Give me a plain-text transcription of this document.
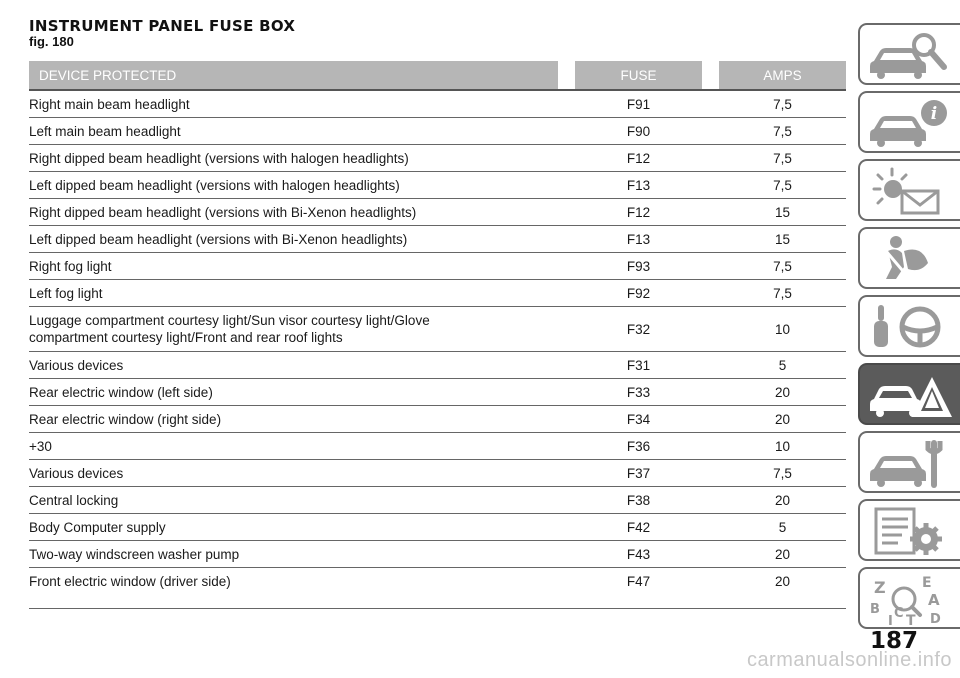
INSTRUMENT PANEL FUSE BOX
fig. 180
DEVICE PROTECTED		FUSE		AMPS
Right main beam headlight		F91		7,5
Left main beam headlight		F90		7,5
Right dipped beam headlight (versions with halogen headlights)		F12		7,5
Left dipped beam headlight (versions with halogen headlights)		F13		7,5
Right dipped beam headlight (versions with Bi-Xenon headlights)		F12		15
Left dipped beam headlight (versions with Bi-Xenon headlights)		F13		15
Right fog light		F93		7,5
Left fog light		F92		7,5
Luggage compartment courtesy light/Sun visor courtesy light/Glove compartment courtesy light/Front and rear roof lights		F32		10
Various devices		F31		5
Rear electric window (left side)		F33		20
Rear electric window (right side)		F34		20
+30		F36		10
Various devices		F37		7,5
Central locking		F38		20
Body Computer supply		F42		5
Two-way windscreen washer pump		F43		20
Front electric window (driver side)		F47		20
i
Z	E
B
A
I
C T D
187
carmanualsonline.info
